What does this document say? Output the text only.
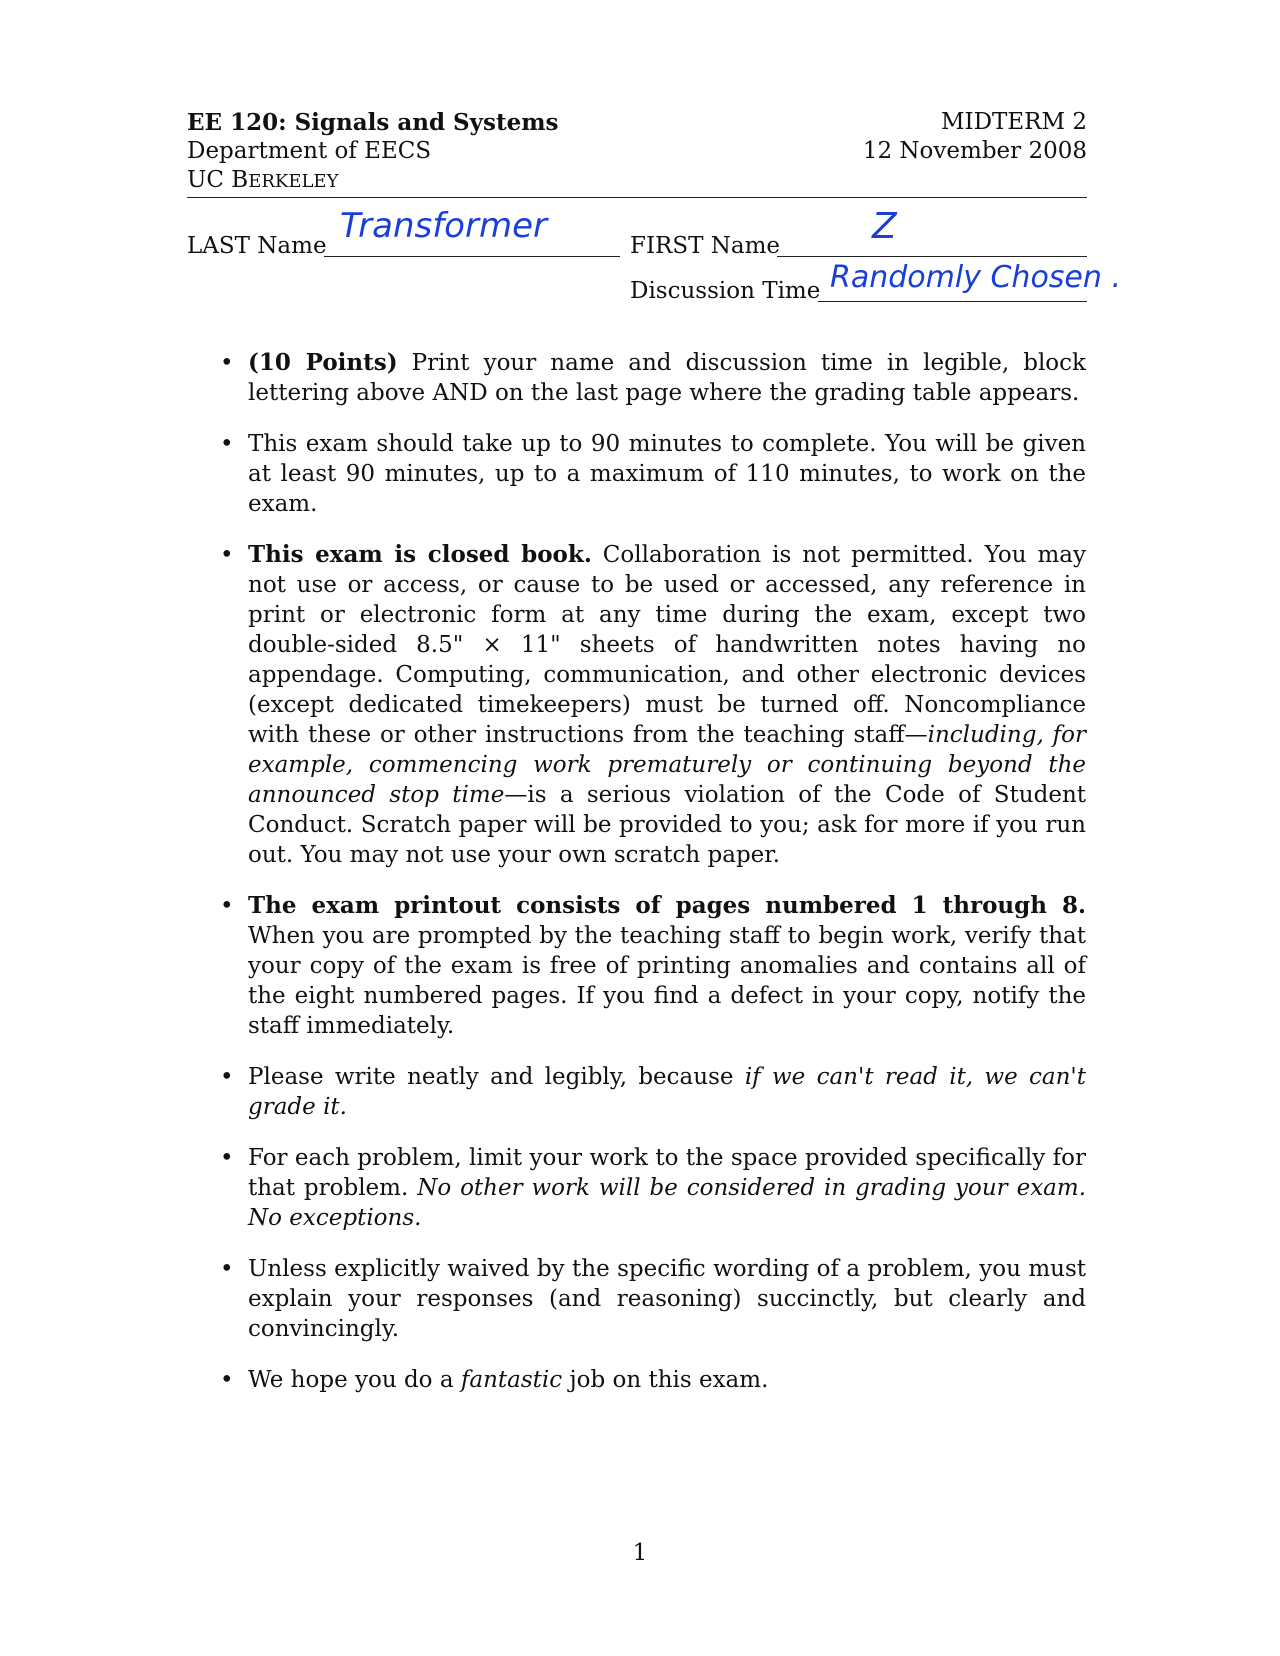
EE 120: Signals and Systems
Department of EECS
UC BERKELEY
MIDTERM 2
12 November 2008
LAST Name Transformer	FIRST Name	Z
Discussion Time Randomly Chosen .
• (10 Points) Print your name and discussion time in legible, block lettering above AND on the last page where the grading table appears.
• This exam should take up to 90 minutes to complete. You will be given at least 90 minutes, up to a maximum of 110 minutes, to work on the exam.
• This exam is closed book. Collaboration is not permitted. You may not use or access, or cause to be used or accessed, any reference in print or electronic form at any time during the exam, except two double-sided 8.5" × 11" sheets of handwritten notes having no appendage. Computing, communication, and other electronic devices (except dedicated timekeepers) must be turned off. Noncompliance with these or other instructions from the teaching staff—including, for example, commencing work prematurely or continuing beyond the announced stop time—is a serious violation of the Code of Student Conduct. Scratch paper will be provided to you; ask for more if you run out. You may not use your own scratch paper.
• The exam printout consists of pages numbered 1 through 8. When you are prompted by the teaching staff to begin work, verify that your copy of the exam is free of printing anomalies and contains all of the eight numbered pages. If you find a defect in your copy, notify the staff immediately.
• Please write neatly and legibly, because if we can't read it, we can't grade it.
• For each problem, limit your work to the space provided specifically for that problem. No other work will be considered in grading your exam. No exceptions.
• Unless explicitly waived by the specific wording of a problem, you must explain your responses (and reasoning) succinctly, but clearly and convincingly.
• We hope you do a fantastic job on this exam.
1
